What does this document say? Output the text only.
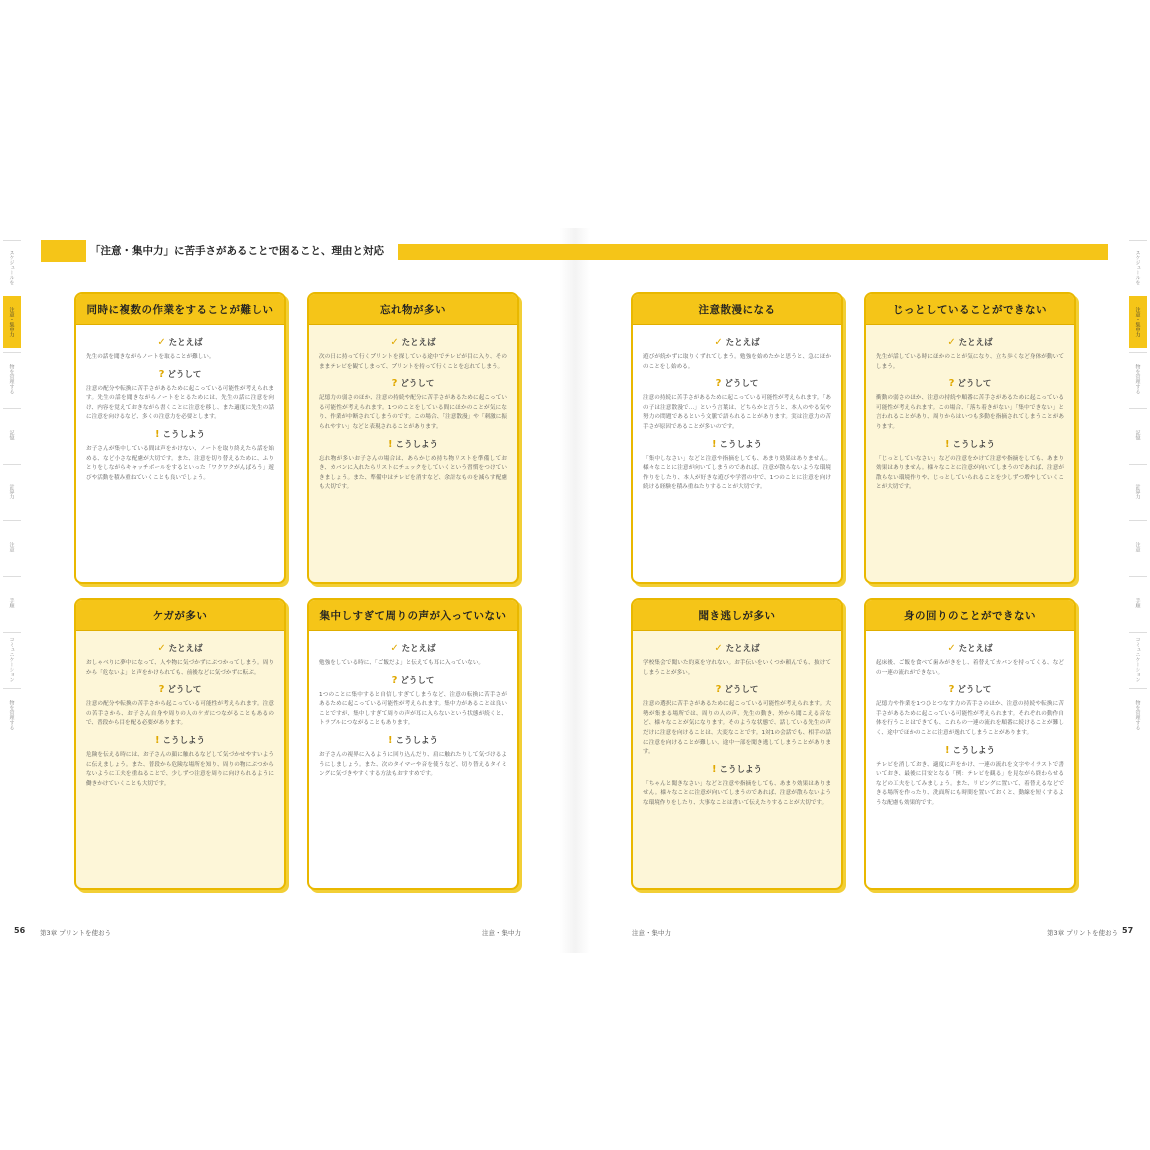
スケジュールを
注意・集中力
物を管理する
記憶
計算力
注意
手順
コミュニケーション
物を管理する
スケジュールを
注意・集中力
物を管理する
記憶
計算力
注意
手順
コミュニケーション
物を管理する
「注意・集中力」に苦手さがあることで困ること、理由と対応
同時に複数の作業をすることが難しい
✓ たとえば
先生の話を聞きながらノートを取ることが難しい。
? どうして
注意の配分や転換に苦手さがあるために起こっている可能性が考えられます。先生の話を聞きながらノートをとるためには、先生の話に注意を向け、内容を覚えておきながら書くことに注意を移し、また適度に先生の話に注意を向けるなど、多くの注意力を必要とします。
! こうしよう
お子さんが集中している間は声をかけない、ノートを取り終えたら話を始める、など小さな配慮が大切です。また、注意を切り替えるために、ふりとりをしながらキャッチボールをするといった「ワクワクがんばろう」遊びや活動を積み重ねていくことも良いでしょう。
忘れ物が多い
✓ たとえば
次の日に持って行くプリントを探している途中でテレビが目に入り、そのままテレビを観てしまって、プリントを持って行くことを忘れてしまう。
? どうして
記憶力の弱さのほか、注意の持続や配分に苦手さがあるために起こっている可能性が考えられます。1つのことをしている間にほかのことが気になり、作業が中断されてしまうのです。この場合、「注意散漫」や「刺激に振られやすい」などと表現されることがあります。
! こうしよう
忘れ物が多いお子さんの場合は、あらかじめ持ち物リストを準備しておき、カバンに入れたらリストにチェックをしていくという習慣をつけていきましょう。また、準備中はテレビを消すなど、余計なものを減らす配慮も大切です。
注意散漫になる
✓ たとえば
遊びが続かずに取りくずれてしまう。勉強を始めたかと思うと、急にほかのことをし始める。
? どうして
注意の持続に苦手さがあるために起こっている可能性が考えられます。「あの子は注意散漫で…」という言葉は、どちらかと言うと、本人のやる気や努力の問題であるという文脈で語られることがあります。実は注意力の苦手さが原因であることが多いのです。
! こうしよう
「集中しなさい」などと注意や指摘をしても、あまり効果はありません。様々なことに注意が向いてしまうのであれば、注意が散らないような環境作りをしたり、本人が好きな遊びや学習の中で、1つのことに注意を向け続ける経験を積み重ねたりすることが大切です。
じっとしていることができない
✓ たとえば
先生が話している時にほかのことが気になり、立ち歩くなど身体が動いてしまう。
? どうして
衝動の弱さのほか、注意の持続や順番に苦手さがあるために起こっている可能性が考えられます。この場合、「落ち着きがない」「集中できない」と言われることがあり、周りからはいつも多動を指摘されてしまうことがあります。
! こうしよう
「じっとしていなさい」などの注意をかけて注意や指摘をしても、あまり効果はありません。様々なことに注意が向いてしまうのであれば、注意が散らない環境作りや、じっとしていられることを少しずつ増やしていくことが大切です。
ケガが多い
✓ たとえば
おしゃべりに夢中になって、人や物に気づかずにぶつかってしまう。周りから「危ないよ」と声をかけられても、前後などに気づかずに転ぶ。
? どうして
注意の配分や転換の苦手さから起こっている可能性が考えられます。注意の苦手さから、お子さん自身や周りの人のケガにつながることもあるので、普段から目を配る必要があります。
! こうしよう
危険を伝える時には、お子さんの顔に触れるなどして気づかせやすいように伝えましょう。また、普段から危険な場所を知り、周りの物にぶつからないように工夫を重ねることで、少しずつ注意を周りに向けられるように働きかけていくことも大切です。
集中しすぎて周りの声が入っていない
✓ たとえば
勉強をしている時に、「ご飯だよ」と伝えても耳に入っていない。
? どうして
1つのことに集中すると自信しすぎてしまうなど、注意の転換に苦手さがあるために起こっている可能性が考えられます。集中力があることは良いことですが、集中しすぎて周りの声が耳に入らないという状態が続くと、トラブルにつながることもあります。
! こうしよう
お子さんの視界に入るように回り込んだり、肩に触れたりして気づけるようにしましょう。また、次のタイマーや音を使うなど、切り替えるタイミングに気づきやすくする方法もおすすめです。
聞き逃しが多い
✓ たとえば
学校集会で聞いた約束を守れない。お手伝いをいくつか頼んでも、抜けてしまうことが多い。
? どうして
注意の選択に苦手さがあるために起こっている可能性が考えられます。大勢が集まる場所では、周りの人の声、先生の動き、外から聞こえる音など、様々なことが気になります。そのような状態で、話している先生の声だけに注意を向けることは、大変なことです。1対1の会話でも、相手の話に注意を向けることが難しい、途中一部を聞き逃してしまうことがあります。
! こうしよう
「ちゃんと聞きなさい」などと注意や指摘をしても、あまり効果はありません。様々なことに注意が向いてしまうのであれば、注意が散らないような環境作りをしたり、大事なことは書いて伝えたりすることが大切です。
身の回りのことができない
✓ たとえば
起床後、ご飯を食べて歯みがきをし、着替えてカバンを持ってくる、などの一連の流れができない。
? どうして
記憶力や作業を1つひとつなす力の苦手さのほか、注意の持続や転換に苦手さがあるために起こっている可能性が考えられます。それぞれの動作自体を行うことはできても、これらの一連の流れを順番に続けることが難しく、途中でほかのことに注意が逸れてしまうことがあります。
! こうしよう
テレビを消しておき、適度に声をかけ、一連の流れを文字やイラストで書いておき、最後に目安となる「例：テレビを観る」を見ながら終わらせるなどの工夫をしてみましょう。また、リビングに置いて、着替えるなどできる場所を作ったり、洗面所にも時間を置いておくと、動線を短くするような配慮も効果的です。
56 第3章 プリントを使おう	注意・集中力	注意・集中力	第3章 プリントを使おう 57
